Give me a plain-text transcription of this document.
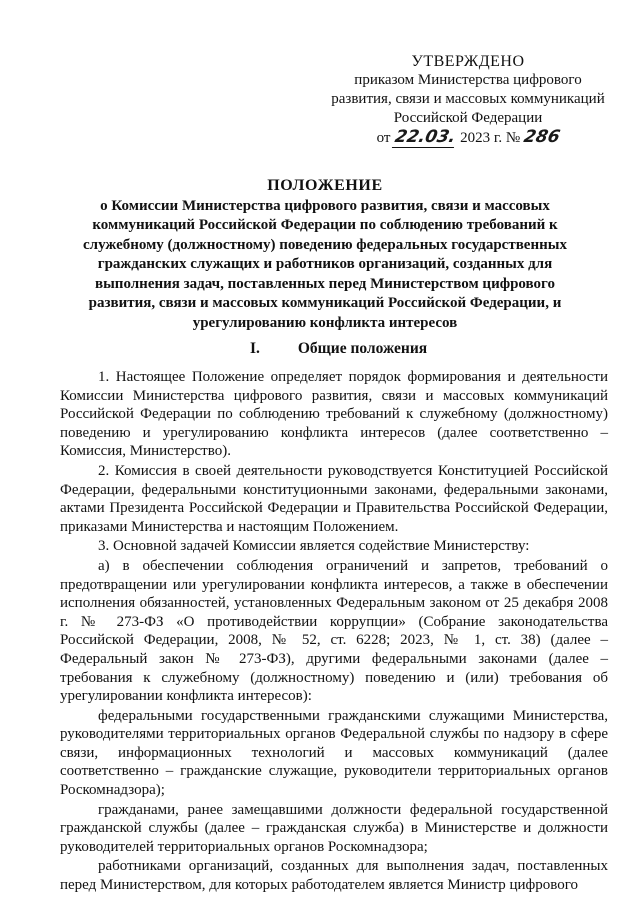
УТВЕРЖДЕНО
приказом Министерства цифрового
развития, связи и массовых коммуникаций
Российской Федерации
от 22.03. 2023 г. № 286
ПОЛОЖЕНИЕ
о Комиссии Министерства цифрового развития, связи и массовых коммуникаций Российской Федерации по соблюдению требований к служебному (должностному) поведению федеральных государственных гражданских служащих и работников организаций, созданных для выполнения задач, поставленных перед Министерством цифрового развития, связи и массовых коммуникаций Российской Федерации, и урегулированию конфликта интересов
I. Общие положения

1. Настоящее Положение определяет порядок формирования и деятельности Комиссии Министерства цифрового развития, связи и массовых коммуникаций Российской Федерации по соблюдению требований к служебному (должностному) поведению и урегулированию конфликта интересов (далее соответственно – Комиссия, Министерство).

2. Комиссия в своей деятельности руководствуется Конституцией Российской Федерации, федеральными конституционными законами, федеральными законами, актами Президента Российской Федерации и Правительства Российской Федерации, приказами Министерства и настоящим Положением.

3. Основной задачей Комиссии является содействие Министерству:

а) в обеспечении соблюдения ограничений и запретов, требований о предотвращении или урегулировании конфликта интересов, а также в обеспечении исполнения обязанностей, установленных Федеральным законом от 25 декабря 2008 г. № 273-ФЗ «О противодействии коррупции» (Собрание законодательства Российской Федерации, 2008, № 52, ст. 6228; 2023, № 1, ст. 38) (далее – Федеральный закон № 273-ФЗ), другими федеральными законами (далее – требования к служебному (должностному) поведению и (или) требования об урегулировании конфликта интересов):

федеральными государственными гражданскими служащими Министерства, руководителями территориальных органов Федеральной службы по надзору в сфере связи, информационных технологий и массовых коммуникаций (далее соответственно – гражданские служащие, руководители территориальных органов Роскомнадзора);

гражданами, ранее замещавшими должности федеральной государственной гражданской службы (далее – гражданская служба) в Министерстве и должности руководителей территориальных органов Роскомнадзора;

работниками организаций, созданных для выполнения задач, поставленных перед Министерством, для которых работодателем является Министр цифрового
